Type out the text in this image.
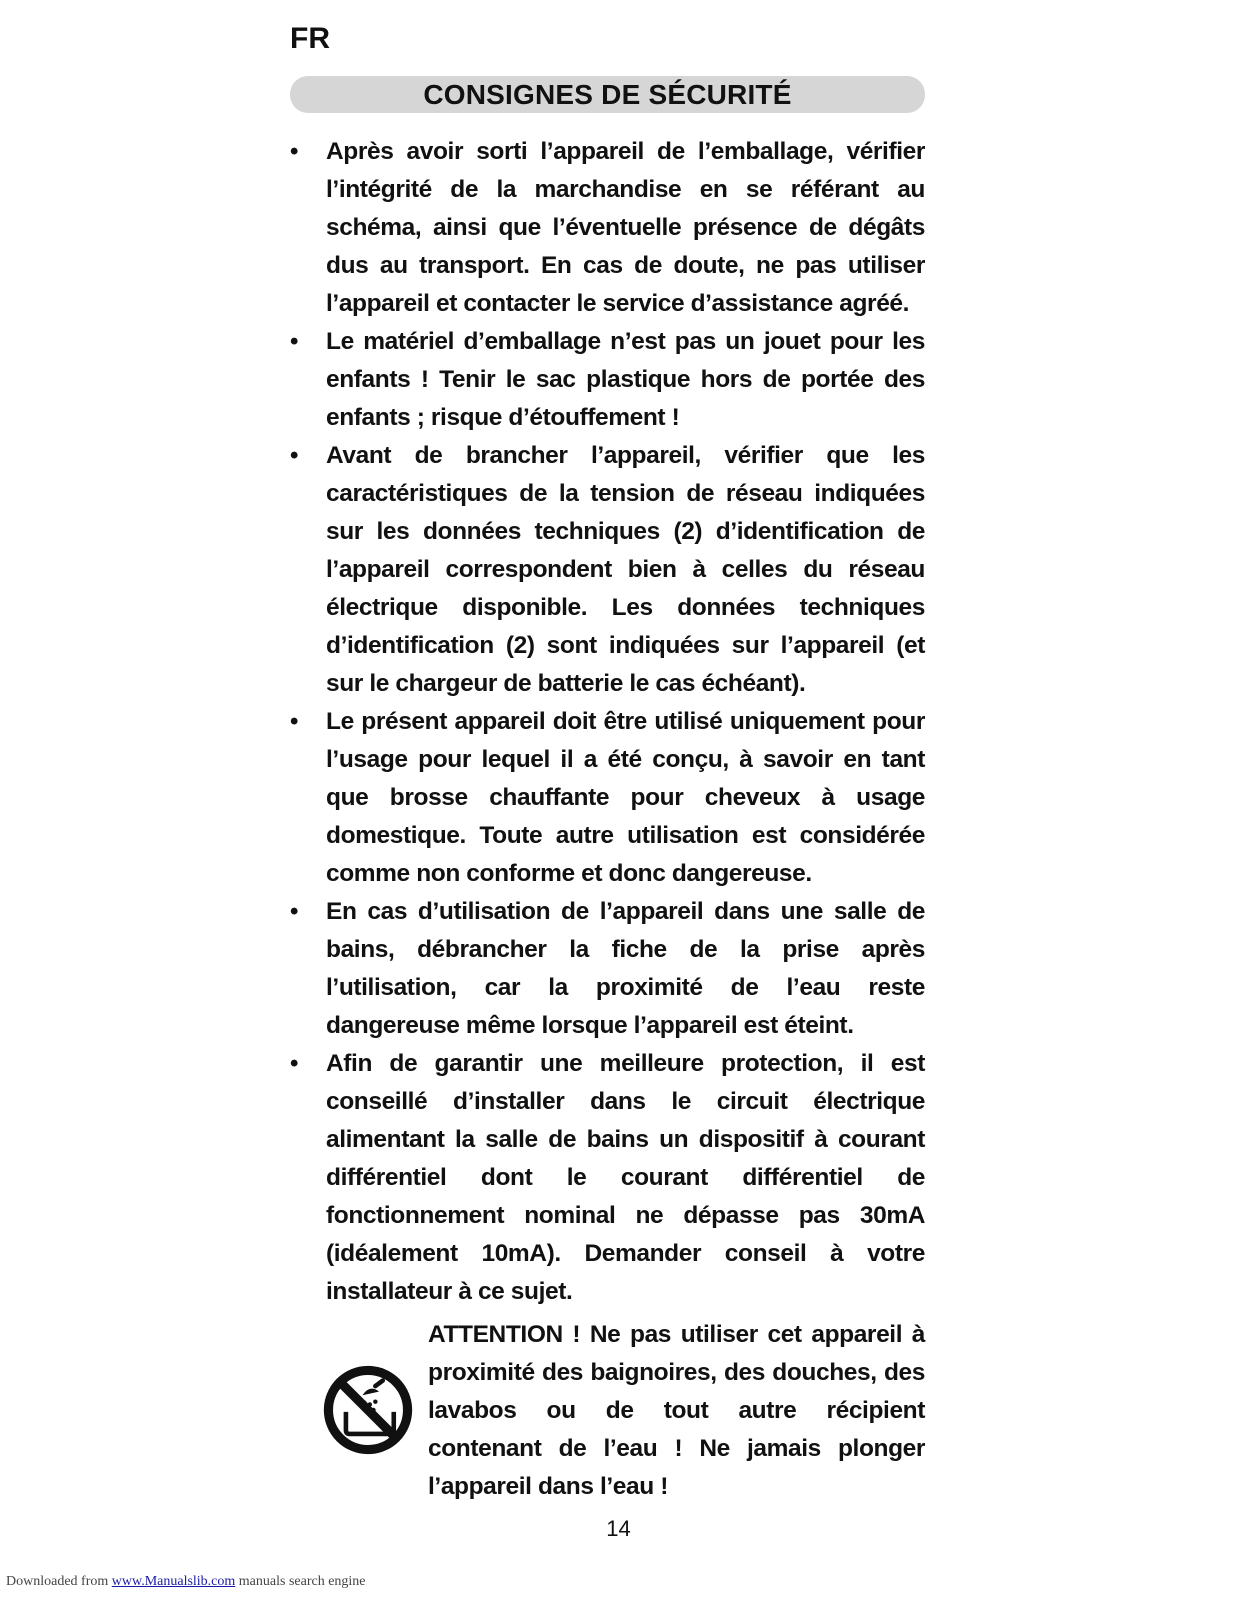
FR
CONSIGNES DE SÉCURITÉ
• Après avoir sorti l’appareil de l’emballage, vérifier l’intégrité de la marchandise en se référant au schéma, ainsi que l’éventuelle présence de dégâts dus au transport. En cas de doute, ne pas utiliser l’appareil et contacter le service d’assistance agréé.
• Le matériel d’emballage n’est pas un jouet pour les enfants ! Tenir le sac plastique hors de portée des enfants ; risque d’étouffement !
• Avant de brancher l’appareil, vérifier que les caractéristiques de la tension de réseau indiquées sur les données techniques (2) d’identification de l’appareil correspondent bien à celles du réseau électrique disponible. Les données techniques d’identification (2) sont indiquées sur l’appareil (et sur le chargeur de batterie le cas échéant).
• Le présent appareil doit être utilisé uniquement pour l’usage pour lequel il a été conçu, à savoir en tant que brosse chauffante pour cheveux à usage domestique. Toute autre utilisation est considérée comme non conforme et donc dangereuse.
• En cas d’utilisation de l’appareil dans une salle de bains, débrancher la fiche de la prise après l’utilisation, car la proximité de l’eau reste dangereuse même lorsque l’appareil est éteint.
• Afin de garantir une meilleure protection, il est conseillé d’installer dans le circuit électrique alimentant la salle de bains un dispositif à courant différentiel dont le courant différentiel de fonctionnement nominal ne dépasse pas 30mA (idéalement 10mA). Demander conseil à votre installateur à ce sujet.
ATTENTION ! Ne pas utiliser cet appareil à proximité des baignoires, des douches, des lavabos ou de tout autre récipient contenant de l’eau ! Ne jamais plonger l’appareil dans l’eau !
14
Downloaded from www.Manualslib.com manuals search engine
